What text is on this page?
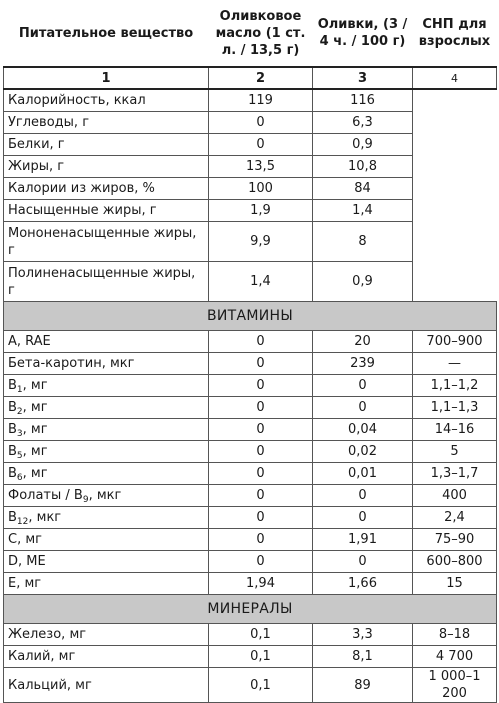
Питательное вещество	Оливковое масло (1 ст. л. / 13,5 г)	Оливки, (3 / 4 ч. / 100 г)	СНП для взрослых
1	2	3	4
Калорийность, ккал	119	116	
Углеводы, г	0	6,3	
Белки, г	0	0,9	
Жиры, г	13,5	10,8	
Калории из жиров, %	100	84	
Насыщенные жиры, г	1,9	1,4	
Мононенасыщенные жиры, г	9,9	8	
Полиненасыщенные жиры, г	1,4	0,9	
ВИТАМИНЫ			
А, RAE	0	20	700–900
Бета-каротин, мкг	0	239	—
$B_1$, мг	0	0	1,1–1,2
$B_2$, мг	0	0	1,1–1,3
$B_3$, мг	0	0,04	14–16
$B_5$, мг	0	0,02	5
$B_6$, мг	0	0,01	1,3–1,7
Фолаты / $B_9$, мкг	0	0	400
$B_{12}$, мкг	0	0	2,4
C, мг	0	1,91	75–90
D, ME	0	0	600–800
E, мг	1,94	1,66	15
МИНЕРАЛЫ			
Железо, мг	0,1	3,3	8–18
Калий, мг	0,1	8,1	4 700
Кальций, мг	0,1	89	1 000–1 200
